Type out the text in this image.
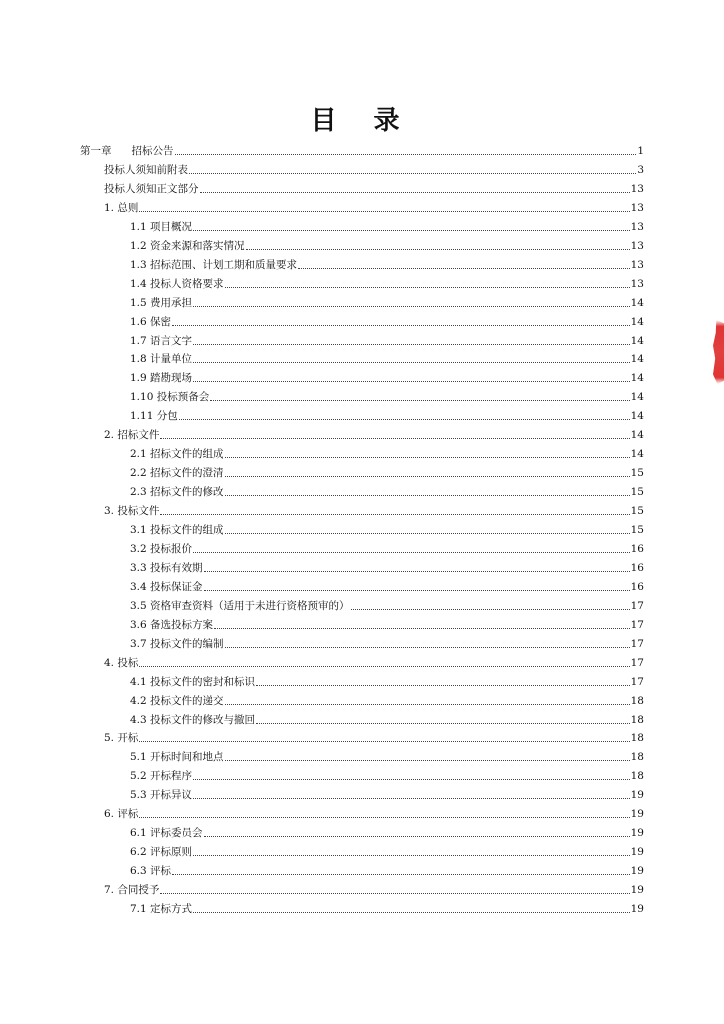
目 录
第一章 招标公告	1
投标人须知前附表	3
投标人须知正文部分	13
1. 总则	13
1.1 项目概况	13
1.2 资金来源和落实情况	13
1.3 招标范围、计划工期和质量要求	13
1.4 投标人资格要求	13
1.5 费用承担	14
1.6 保密	14
1.7 语言文字	14
1.8 计量单位	14
1.9 踏勘现场	14
1.10 投标预备会	14
1.11 分包	14
2. 招标文件	14
2.1 招标文件的组成	14
2.2 招标文件的澄清	15
2.3 招标文件的修改	15
3. 投标文件	15
3.1 投标文件的组成	15
3.2 投标报价	16
3.3 投标有效期	16
3.4 投标保证金	16
3.5 资格审查资料（适用于未进行资格预审的）	17
3.6 备选投标方案	17
3.7 投标文件的编制	17
4. 投标	17
4.1 投标文件的密封和标识	17
4.2 投标文件的递交	18
4.3 投标文件的修改与撤回	18
5. 开标	18
5.1 开标时间和地点	18
5.2 开标程序	18
5.3 开标异议	19
6. 评标	19
6.1 评标委员会	19
6.2 评标原则	19
6.3 评标	19
7. 合同授予	19
7.1 定标方式	19
